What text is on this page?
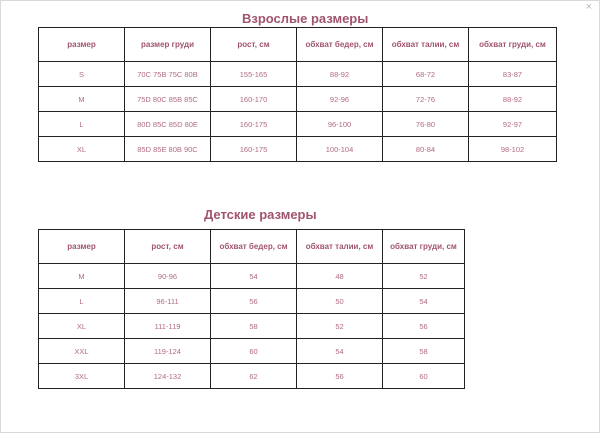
×
Взрослые размеры
размер	размер груди	рост, см	обхват бедер, см	обхват талии, см	обхват груди, см
S	70C 75B 75C 80B	155-165	88-92	68-72	83-87
M	75D 80C 85B 85C	160-170	92-96	72-76	88-92
L	80D 85C 85D 80E	160-175	96-100	76-80	92-97
XL	85D 85E 80B 90C	160-175	100-104	80-84	98-102
Детские размеры
размер	рост, см	обхват бедер, см	обхват талии, см	обхват груди, см
M	90-96	54	48	52
L	96-111	56	50	54
XL	111-119	58	52	56
XXL	119-124	60	54	58
3XL	124-132	62	56	60
